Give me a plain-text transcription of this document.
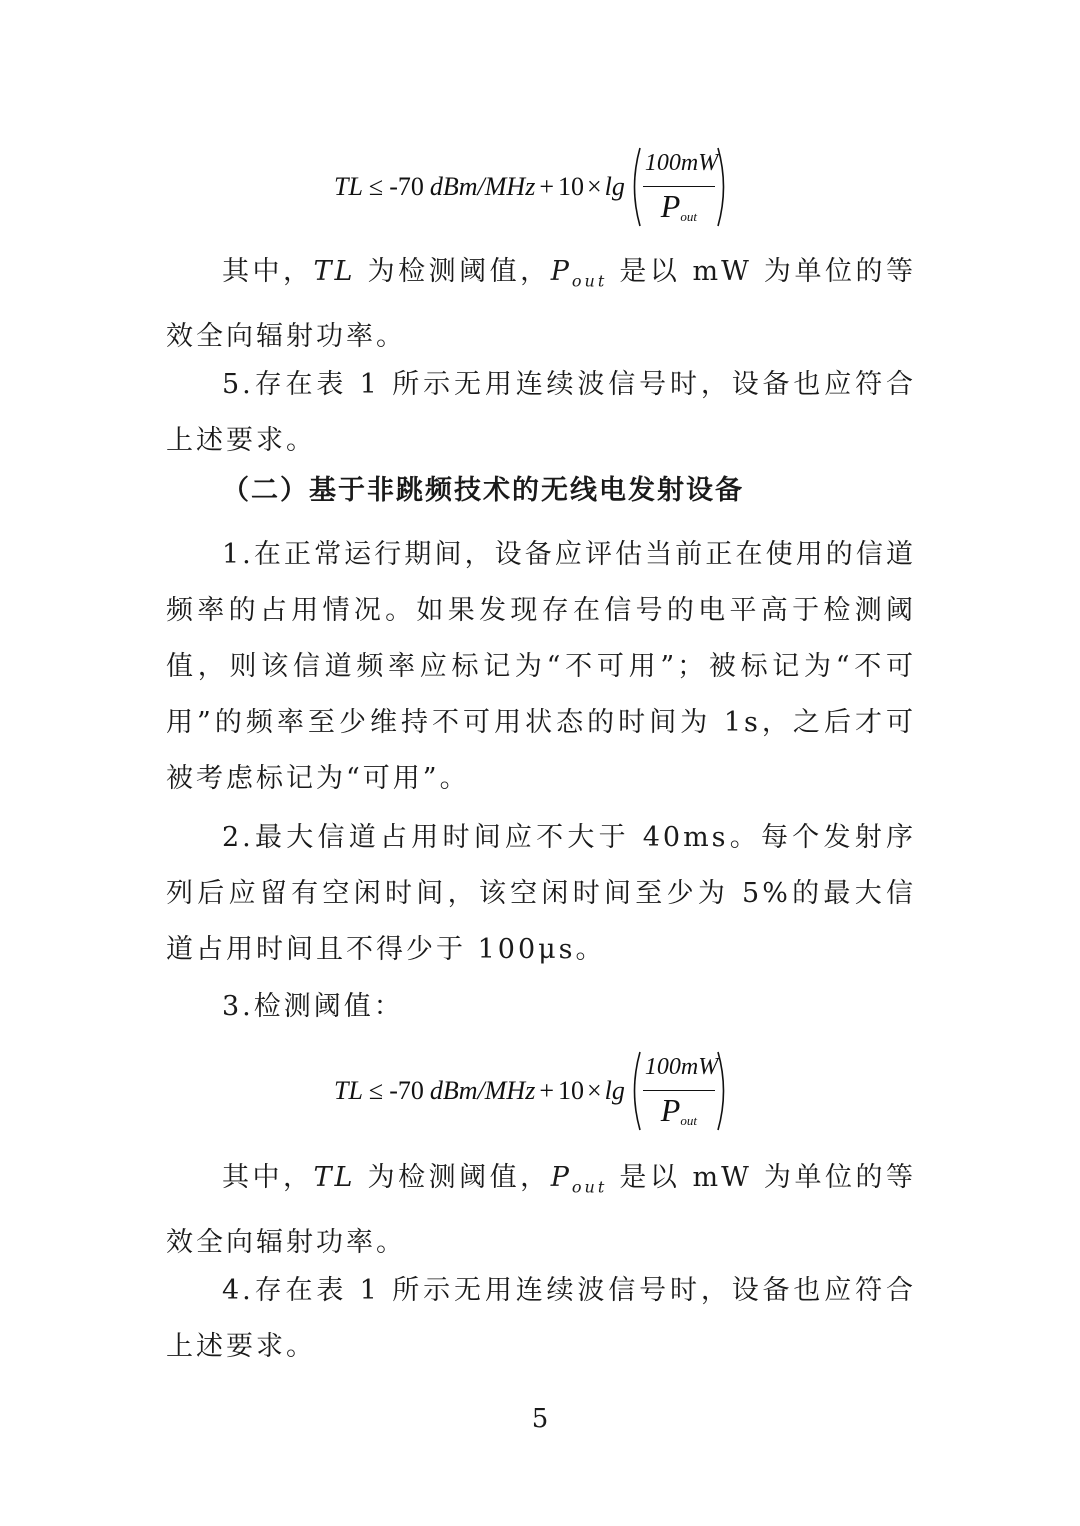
TL ≤ -70 $dBm/MHz + 10 \times \lg \frac{100mW}{P_{out}}$
其中，TL 为检测阈值，$P_{out}$ 是以 mW 为单位的等效全向辐射功率。
5.存在表 1 所示无用连续波信号时，设备也应符合上述要求。
（二）基于非跳频技术的无线电发射设备
1.在正常运行期间，设备应评估当前正在使用的信道频率的占用情况。如果发现存在信号的电平高于检测阈值，则该信道频率应标记为“不可用”；被标记为“不可用”的频率至少维持不可用状态的时间为 1s，之后才可被考虑标记为“可用”。
2.最大信道占用时间应不大于 40ms。每个发射序列后应留有空闲时间，该空闲时间至少为 5%的最大信道占用时间且不得少于 100μs。
3.检测阈值：
TL ≤ -70 $dBm/MHz + 10 \times \lg \frac{100mW}{P_{out}}$
其中，TL 为检测阈值，$P_{out}$ 是以 mW 为单位的等效全向辐射功率。
4.存在表 1 所示无用连续波信号时，设备也应符合上述要求。
5
